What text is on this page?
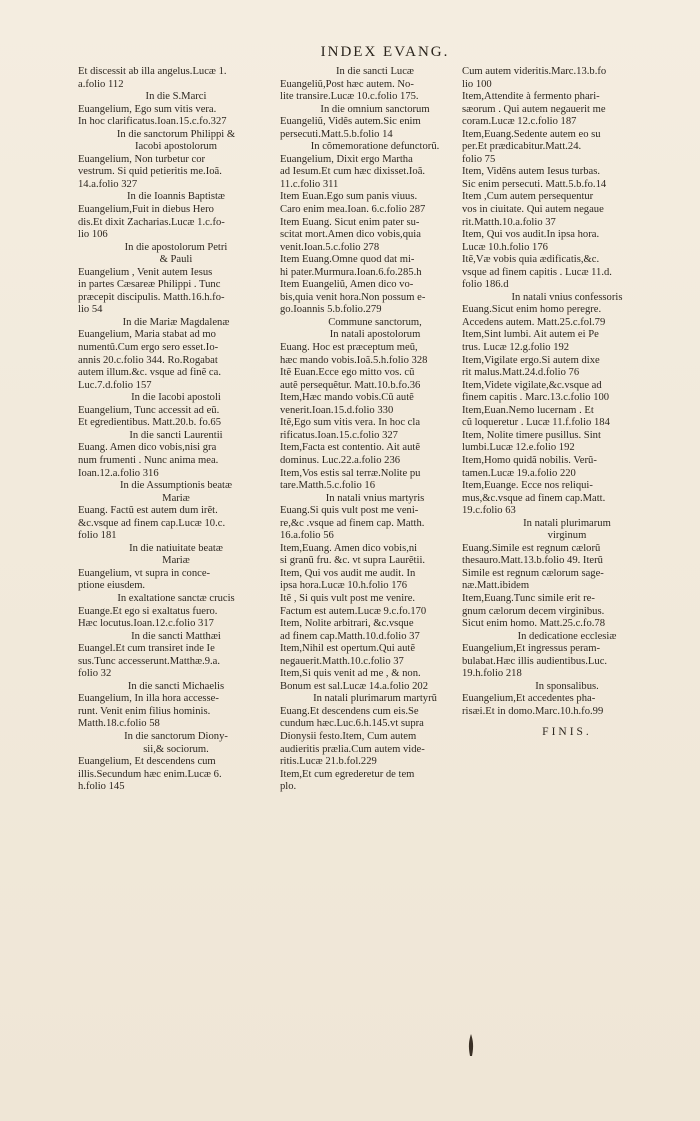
INDEX EVANG.
Et discessit ab illa angelus.Lucæ 1.
a.folio 112
In die S.Marci
Euangelium, Ego sum vitis vera.
In hoc clarificatus.Ioan.15.c.fo.327
In die sanctorum Philippi &
Iacobi apostolorum
Euangelium, Non turbetur cor
vestrum. Si quid petieritis me.Ioã.
14.a.folio 327
In die Ioannis Baptistæ
Euangelium,Fuit in diebus Hero
dis.Et dixit Zacharias.Lucæ 1.c.fo-
lio 106
In die apostolorum Petri
& Pauli
Euangelium , Venit autem Iesus
in partes Cæsareæ Philippi . Tunc
præcepit discipulis. Matth.16.h.fo-
lio 54
In die Mariæ Magdalenæ
Euangelium, Maria stabat ad mo
numentũ.Cum ergo sero esset.Io-
annis 20.c.folio 344. Ro.Rogabat
autem illum.&c. vsque ad finẽ ca.
Luc.7.d.folio 157
In die Iacobi apostoli
Euangelium, Tunc accessit ad eũ.
Et egredientibus. Matt.20.b. fo.65
In die sancti Laurentii
Euang. Amen dico vobis,nisi gra
num frumenti . Nunc anima mea.
Ioan.12.a.folio 316
In die Assumptionis beatæ
Mariæ
Euang. Factũ est autem dum irẽt.
&c.vsque ad finem cap.Lucæ 10.c.
folio 181
In die natiuitate beatæ
Mariæ
Euangelium, vt supra in conce-
ptione eiusdem.
In exaltatione sanctæ crucis
Euange.Et ego si exaltatus fuero.
Hæc locutus.Ioan.12.c.folio 317
In die sancti Matthæi
Euangel.Et cum transiret inde Ie
sus.Tunc accesserunt.Matthæ.9.a.
folio 32
In die sancti Michaelis
Euangelium, In illa hora accesse-
runt. Venit enim filius hominis.
Matth.18.c.folio 58
In die sanctorum Diony-
sii,& sociorum.
Euangelium, Et descendens cum
illis.Secundum hæc enim.Lucæ 6.
h.folio 145
In die sancti Lucæ
Euangeliũ,Post hæc autem. No-
lite transire.Lucæ 10.c.folio 175.
In die omnium sanctorum
Euangeliũ, Vidẽs autem.Sic enim
persecuti.Matt.5.b.folio 14
In cõmemoratione defunctorũ.
Euangelium, Dixit ergo Martha
ad Iesum.Et cum hæc dixisset.Ioã.
11.c.folio 311
Item Euan.Ego sum panis viuus.
Caro enim mea.Ioan. 6.c.folio 287
Item Euang. Sicut enim pater su-
scitat mort.Amen dico vobis,quia
venit.Ioan.5.c.folio 278
Item Euang.Omne quod dat mi-
hi pater.Murmura.Ioan.6.fo.285.h
Item Euangeliũ, Amen dico vo-
bis,quia venit hora.Non possum e-
go.Ioannis 5.b.folio.279
Commune sanctorum,
In natali apostolorum
Euang. Hoc est præceptum meũ,
hæc mando vobis.Ioã.5.h.folio 328
Itẽ Euan.Ecce ego mitto vos. cũ
autẽ persequẽtur. Matt.10.b.fo.36
Item,Hæc mando vobis.Cũ autẽ
venerit.Ioan.15.d.folio 330
Itẽ,Ego sum vitis vera. In hoc cla
rificatus.Ioan.15.c.folio 327
Item,Facta est contentio. Ait autẽ
dominus. Luc.22.a.folio 236
Item,Vos estis sal terræ.Nolite pu
tare.Matth.5.c.folio 16
In natali vnius martyris
Euang.Si quis vult post me veni-
re,&c .vsque ad finem cap. Matth.
16.a.folio 56
Item,Euang. Amen dico vobis,ni
si granũ fru. &c. vt supra Laurẽtii.
Item, Qui vos audit me audit. In
ipsa hora.Lucæ 10.h.folio 176
Itẽ , Si quis vult post me venire.
Factum est autem.Lucæ 9.c.fo.170
Item, Nolite arbitrari, &c.vsque
ad finem cap.Matth.10.d.folio 37
Item,Nihil est opertum.Qui autẽ
negauerit.Matth.10.c.folio 37
Item,Si quis venit ad me , & non.
Bonum est sal.Lucæ 14.a.folio 202
In natali plurimarum martyrũ
Euang.Et descendens cum eis.Se
cundum hæc.Luc.6.h.145.vt supra
Dionysii festo.Item, Cum autem
audieritis prælia.Cum autem vide-
ritis.Lucæ 21.b.fol.229
Item,Et cum egrederetur de tem
plo.
Cum autem videritis.Marc.13.b.fo
lio 100
Item,Attendite à fermento phari-
sæorum . Qui autem negauerit me
coram.Lucæ 12.c.folio 187
Item,Euang.Sedente autem eo su
per.Et prædicabitur.Matt.24.
folio 75
Item, Vidẽns autem Iesus turbas.
Sic enim persecuti. Matt.5.b.fo.14
Item ,Cum autem persequentur
vos in ciuitate. Qui autem negaue
rit.Matth.10.a.folio 37
Item, Qui vos audit.In ipsa hora.
Lucæ 10.h.folio 176
Itẽ,Væ vobis quia ædificatis,&c.
vsque ad finem capitis . Lucæ 11.d.
folio 186.d
In natali vnius confessoris
Euang.Sicut enim homo peregre.
Accedens autem. Matt.25.c.fol.79
Item,Sint lumbi. Ait autem ei Pe
trus. Lucæ 12.g.folio 192
Item,Vigilate ergo.Si autem dixe
rit malus.Matt.24.d.folio 76
Item,Videte vigilate,&c.vsque ad
finem capitis . Marc.13.c.folio 100
Item,Euan.Nemo lucernam . Et
cũ loqueretur . Lucæ 11.f.folio 184
Item, Nolite timere pusillus. Sint
lumbi.Lucæ 12.e.folio 192
Item,Homo quidã nobilis. Verũ-
tamen.Lucæ 19.a.folio 220
Item,Euange. Ecce nos reliqui-
mus,&c.vsque ad finem cap.Matt.
19.c.folio 63
In natali plurimarum
virginum
Euang.Simile est regnum cælorũ
thesauro.Matt.13.b.folio 49. Iterũ
Simile est regnum cælorum sage-
næ.Matt.ibidem
Item,Euang.Tunc simile erit re-
gnum cælorum decem virginibus.
Sicut enim homo. Matt.25.c.fo.78
In dedicatione ecclesiæ
Euangelium,Et ingressus peram-
bulabat.Hæc illis audientibus.Luc.
19.h.folio 218
In sponsalibus.
Euangelium,Et accedentes pha-
risæi.Et in domo.Marc.10.h.fo.99
FINIS.
